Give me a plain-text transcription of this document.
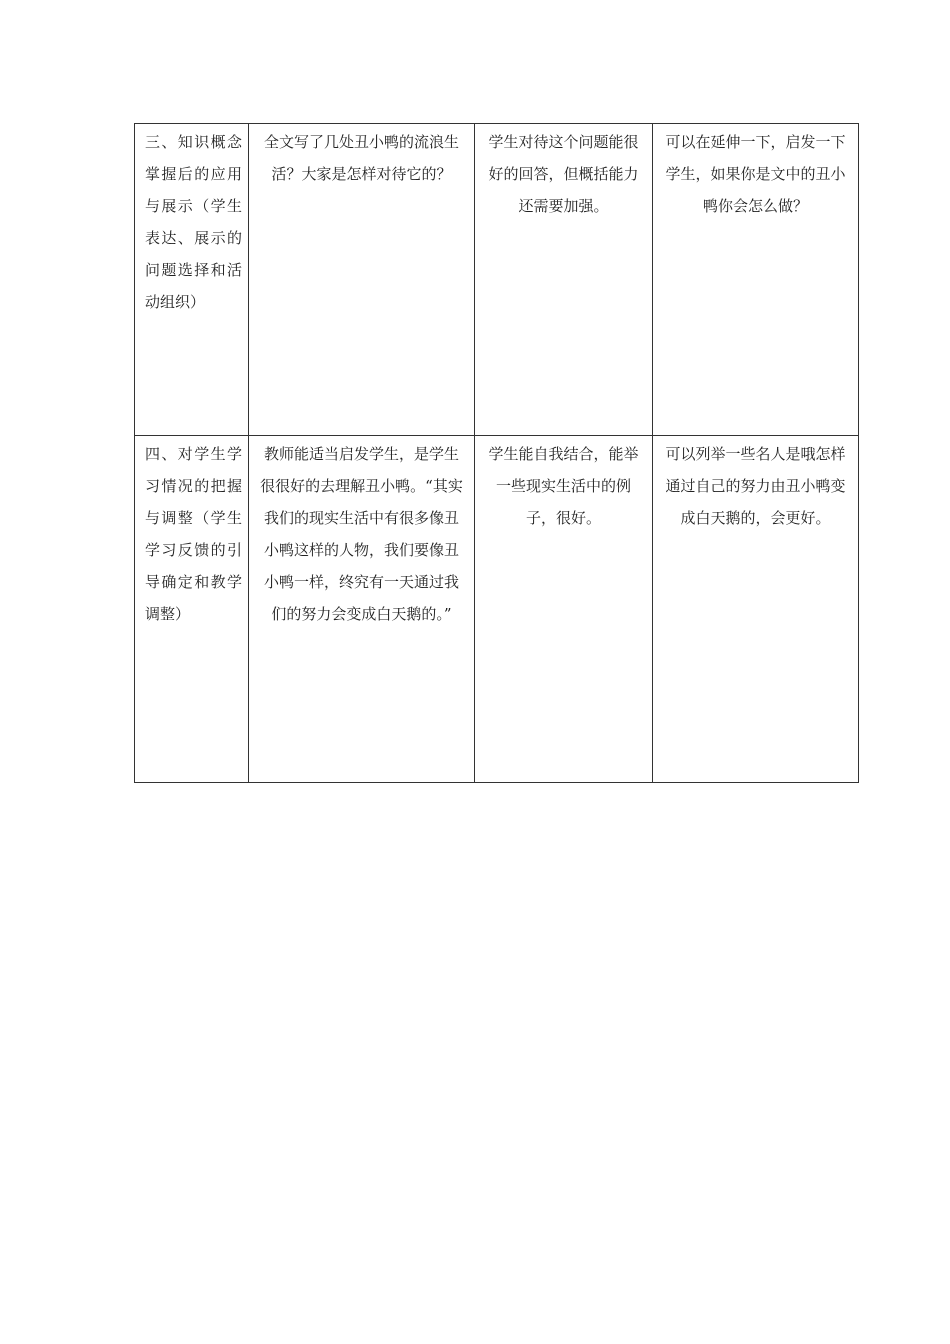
三、知识概念掌握后的应用与展示（学生表达、展示的问题选择和活动组织）	全文写了几处丑小鸭的流浪生活？大家是怎样对待它的？	学生对待这个问题能很好的回答，但概括能力还需要加强。	可以在延伸一下，启发一下学生，如果你是文中的丑小鸭你会怎么做？

四、对学生学习情况的把握与调整（学生学习反馈的引导确定和教学调整）	教师能适当启发学生，是学生很很好的去理解丑小鸭。“其实我们的现实生活中有很多像丑小鸭这样的人物，我们要像丑小鸭一样，终究有一天通过我们的努力会变成白天鹅的。”	学生能自我结合，能举一些现实生活中的例子，很好。	可以列举一些名人是哦怎样通过自己的努力由丑小鸭变成白天鹅的，会更好。
